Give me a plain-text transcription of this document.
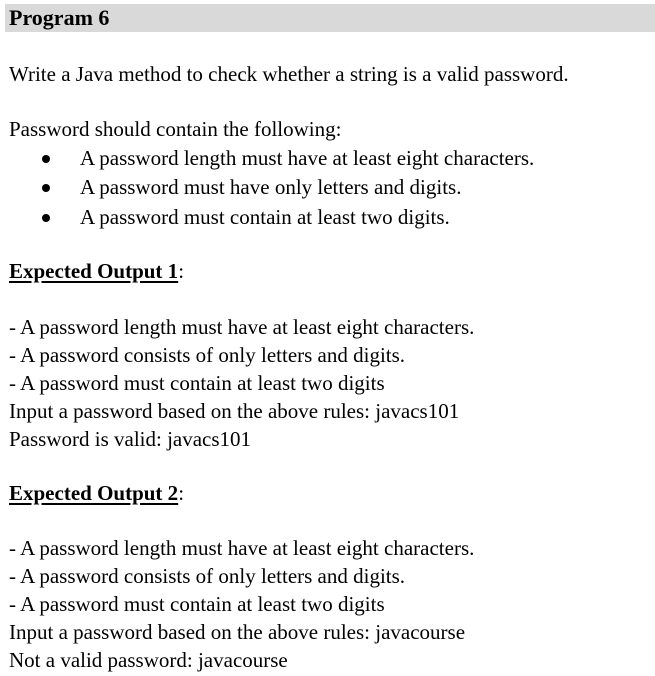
Program 6
Write a Java method to check whether a string is a valid password.
Password should contain the following:
A password length must have at least eight characters.
A password must have only letters and digits.
A password must contain at least two digits.
Expected Output 1:
- A password length must have at least eight characters.
- A password consists of only letters and digits.
- A password must contain at least two digits
Input a password based on the above rules: javacs101
Password is valid: javacs101
Expected Output 2:
- A password length must have at least eight characters.
- A password consists of only letters and digits.
- A password must contain at least two digits
Input a password based on the above rules: javacourse
Not a valid password: javacourse
